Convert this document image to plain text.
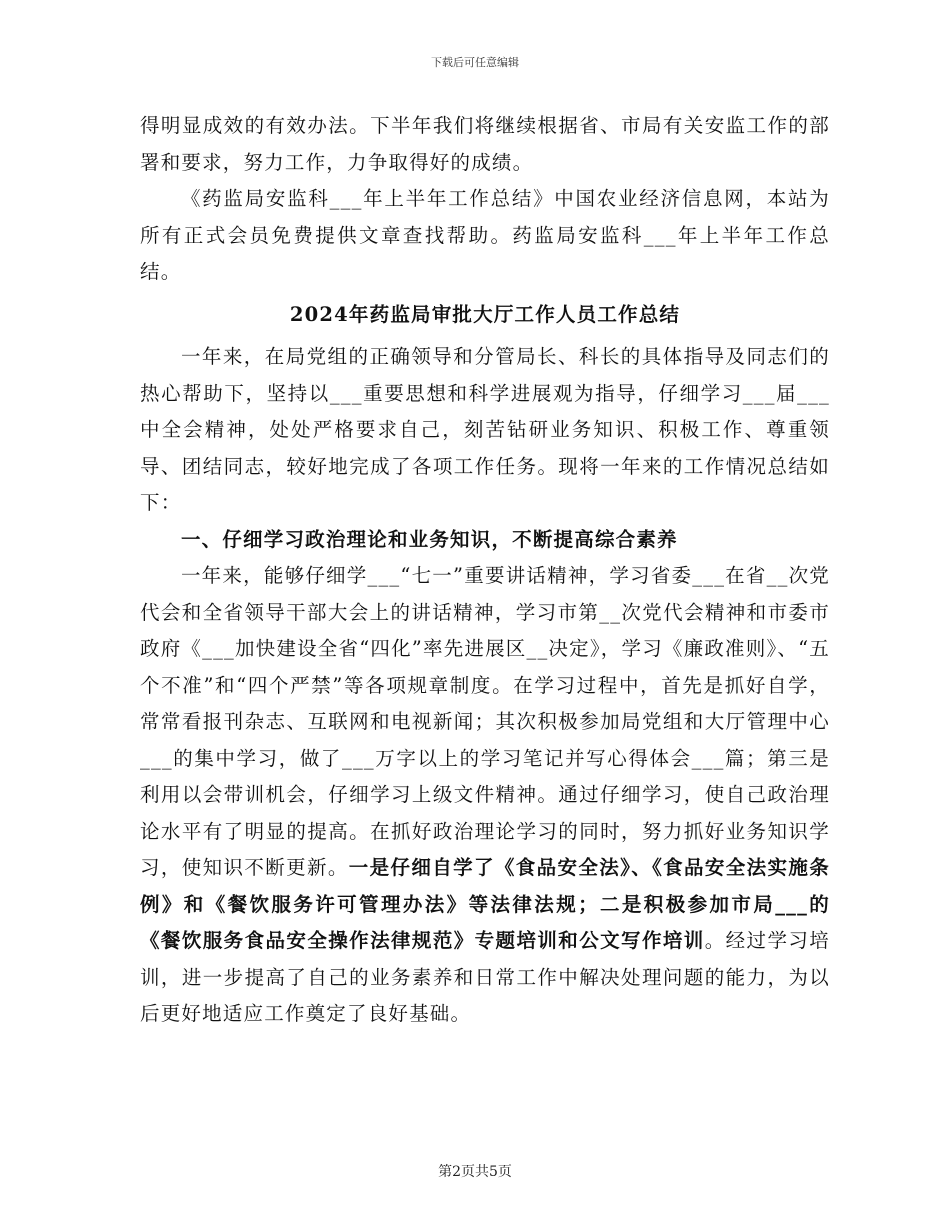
下载后可任意编辑

得明显成效的有效办法。下半年我们将继续根据省、市局有关安监工作的部署和要求，努力工作，力争取得好的成绩。

《药监局安监科___年上半年工作总结》中国农业经济信息网，本站为所有正式会员免费提供文章查找帮助。药监局安监科___年上半年工作总结。

2024年药监局审批大厅工作人员工作总结

一年来，在局党组的正确领导和分管局长、科长的具体指导及同志们的热心帮助下，坚持以___重要思想和科学进展观为指导，仔细学习___届___中全会精神，处处严格要求自己，刻苦钻研业务知识、积极工作、尊重领导、团结同志，较好地完成了各项工作任务。现将一年来的工作情况总结如下：

一、仔细学习政治理论和业务知识，不断提高综合素养

一年来，能够仔细学___“七一”重要讲话精神，学习省委___在省__次党代会和全省领导干部大会上的讲话精神，学习市第__次党代会精神和市委市政府《___加快建设全省“四化”率先进展区__决定》，学习《廉政准则》、“五个不准”和“四个严禁”等各项规章制度。在学习过程中，首先是抓好自学，常常看报刊杂志、互联网和电视新闻；其次积极参加局党组和大厅管理中心___的集中学习，做了___万字以上的学习笔记并写心得体会___篇；第三是利用以会带训机会，仔细学习上级文件精神。通过仔细学习，使自己政治理论水平有了明显的提高。在抓好政治理论学习的同时，努力抓好业务知识学习，使知识不断更新。一是仔细自学了《食品安全法》、《食品安全法实施条例》和《餐饮服务许可管理办法》等法律法规；二是积极参加市局___的《餐饮服务食品安全操作法律规范》专题培训和公文写作培训。经过学习培训，进一步提高了自己的业务素养和日常工作中解决处理问题的能力，为以后更好地适应工作奠定了良好基础。

第2页共5页
